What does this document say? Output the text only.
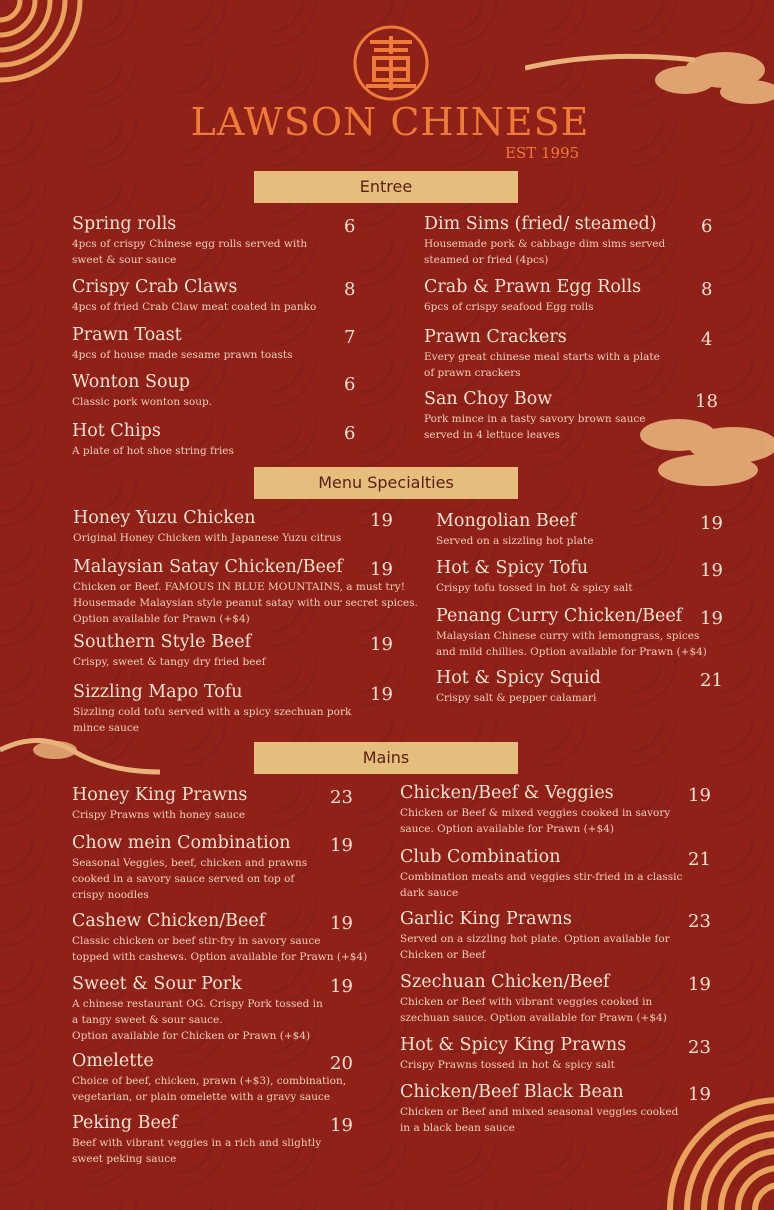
LAWSON CHINESE
EST 1995
Entree
Menu Specialties
Mains
Spring rolls
4pcs of crispy Chinese egg rolls served with
sweet & sour sauce
6
Crispy Crab Claws
4pcs of fried Crab Claw meat coated in panko
8
Prawn Toast
4pcs of house made sesame prawn toasts
7
Wonton Soup
Classic pork wonton soup.
6
Hot Chips
A plate of hot shoe string fries
6
Dim Sims (fried/ steamed)
Housemade pork & cabbage dim sims served
steamed or fried (4pcs)
6
Crab & Prawn Egg Rolls
6pcs of crispy seafood Egg rolls
8
Prawn Crackers
Every great chinese meal starts with a plate
of prawn crackers
4
San Choy Bow
Pork mince in a tasty savory brown sauce
served in 4 lettuce leaves
18
Honey Yuzu Chicken
Original Honey Chicken with Japanese Yuzu citrus
19
Malaysian Satay Chicken/Beef
Chicken or Beef. FAMOUS IN BLUE MOUNTAINS, a must try!
Housemade Malaysian style peanut satay with our secret spices.
Option available for Prawn (+$4)
19
Southern Style Beef
Crispy, sweet & tangy dry fried beef
19
Sizzling Mapo Tofu
Sizzling cold tofu served with a spicy szechuan pork
mince sauce
19
Mongolian Beef
Served on a sizzling hot plate
19
Hot & Spicy Tofu
Crispy tofu tossed in hot & spicy salt
19
Penang Curry Chicken/Beef
Malaysian Chinese curry with lemongrass, spices
and mild chillies. Option available for Prawn (+$4)
19
Hot & Spicy Squid
Crispy salt & pepper calamari
21
Honey King Prawns
Crispy Prawns with honey sauce
23
Chow mein Combination
Seasonal Veggies, beef, chicken and prawns
cooked in a savory sauce served on top of
crispy noodles
19
Cashew Chicken/Beef
Classic chicken or beef stir-fry in savory sauce
topped with cashews. Option available for Prawn (+$4)
19
Sweet & Sour Pork
A chinese restaurant OG. Crispy Pork tossed in
a tangy sweet & sour sauce.
Option available for Chicken or Prawn (+$4)
19
Omelette
Choice of beef, chicken, prawn (+$3), combination,
vegetarian, or plain omelette with a gravy sauce
20
Peking Beef
Beef with vibrant veggies in a rich and slightly
sweet peking sauce
19
Chicken/Beef & Veggies
Chicken or Beef & mixed veggies cooked in savory
sauce. Option available for Prawn (+$4)
19
Club Combination
Combination meats and veggies stir-fried in a classic
dark sauce
21
Garlic King Prawns
Served on a sizzling hot plate. Option available for
Chicken or Beef
23
Szechuan Chicken/Beef
Chicken or Beef with vibrant veggies cooked in
szechuan sauce. Option available for Prawn (+$4)
19
Hot & Spicy King Prawns
Crispy Prawns tossed in hot & spicy salt
23
Chicken/Beef Black Bean
Chicken or Beef and mixed seasonal veggies cooked
in a black bean sauce
19
